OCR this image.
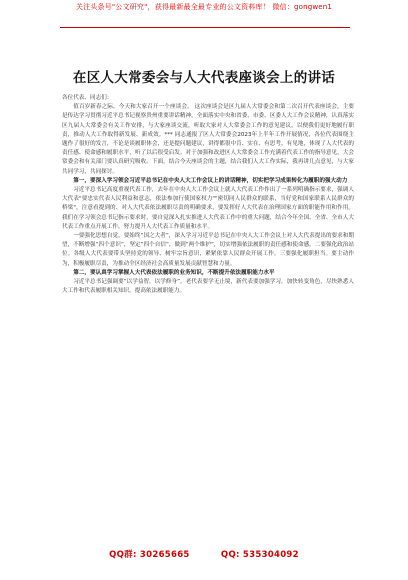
关注头条号"公文研究"，获得最新最全最专业的公文资料库！ 微信：gongwen1
在区人大常委会与人大代表座谈会上的讲话

各位代表、同志们：

值百岁新春之际，今天和大家召开一个座谈会。 这次座谈会是区九届人大常委会和第二次召开代表座谈会，主要是传达学习贯彻习近平总书记视察贵州重要讲话精神，全面落实中央和省委、市委、区委人大工作会议精神，认真落实区九届人大常委会有关工作安排，与大家座谈交流，听取大家对人大常委会工作的意见建议，以便我们更好地履行职责，推动人大工作取得新发展、新成效。*** 同志通报了区人大常委会2023年上半年工作开展情况，各位代表围绕主题作了很好的发言，不论是谈履职体会，还是提问题建议，讲得都很中肯、实在、有思考、有见地，体现了人大代表的责任感、使命感和履职水平，听了以后很受启发。对于加强和改进区人大常委会工作充满着代表工作的指导意见，大会常委会和有关部门要认真研究吸收。下面，结合今天座谈会的主题，结合我们人大工作实际，我再讲几点意见，与大家共同学习，共同探讨。

第一，要深入学习领会习近平总书记在中央人大工作会议上的讲话精神，切实把学习成果转化为履职的强大动力

习近平总书记高度重视代表工作，去年在中央人大工作会议上就人大代表工作作出了一系列明确指示要求，强调人大代表"要忠实代表人民利益和意志，依法参加行使国家权力""密切同人民群众的联系，当好党和国家联系人民群众的桥梁"，注意看提到的、对人大代表依法履职尽责的明确要求，要发挥好人大代表在治理国家方面的职能作用和作用。我们在学习领会总书记指示要求时，要自觉深入扎实推进人大代表工作中的重大问题，结合今年全国、全省、全市人大代表工作重点开展工作，努力提升人大代表工作质量和水平。

一要强化思想自觉。要始终“国之大者”，深入学习习近平总书记在中央人大工作会议上对人大代表提出的要求和期望，不断增强“四个意识”，坚定“四个自信”，做到“两个维护”，切实增强依法履职的责任感和使命感。二要强化政治站位。各级人大代表要带头坚持党的领导、树牢宗旨意识，紧紧依靠人民群众开展工作。三要强化履职担当。要主动作为，积极履职尽责，为推动全区经济社会高质量发展贡献智慧和力量。

第二，要认真学习掌握人大代表依法履职的业务知识，不断提升依法履职能力水平

习近平总书记强调要“以学益智，以学修身”。老代表要学无止境，新代表要加强学习，加快转变角色，尽快熟悉人大工作和代表履职相关知识，提高依法履职能力。

QQ群: 30265665	QQ: 535304092
